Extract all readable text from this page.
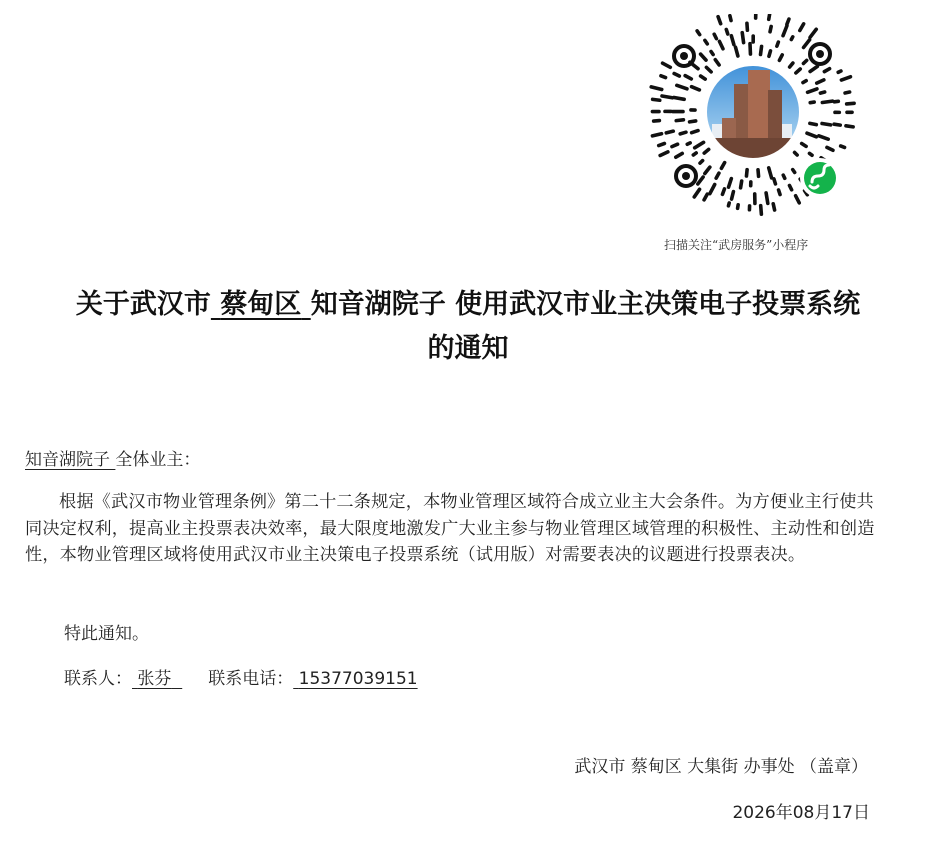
扫描关注“武房服务”小程序
关于武汉市 蔡甸区 知音湖院子 使用武汉市业主决策电子投票系统
的通知
知音湖院子 全体业主：
根据《武汉市物业管理条例》第二十二条规定，本物业管理区域符合成立业主大会条件。为方便业主行使共同决定权利，提高业主投票表决效率，最大限度地激发广大业主参与物业管理区域管理的积极性、主动性和创造性，本物业管理区域将使用武汉市业主决策电子投票系统（试用版）对需要表决的议题进行投票表决。
特此通知。
联系人： 张芬 联系电话： 15377039151
武汉市 蔡甸区 大集街 办事处 （盖章）
2026年08月17日
